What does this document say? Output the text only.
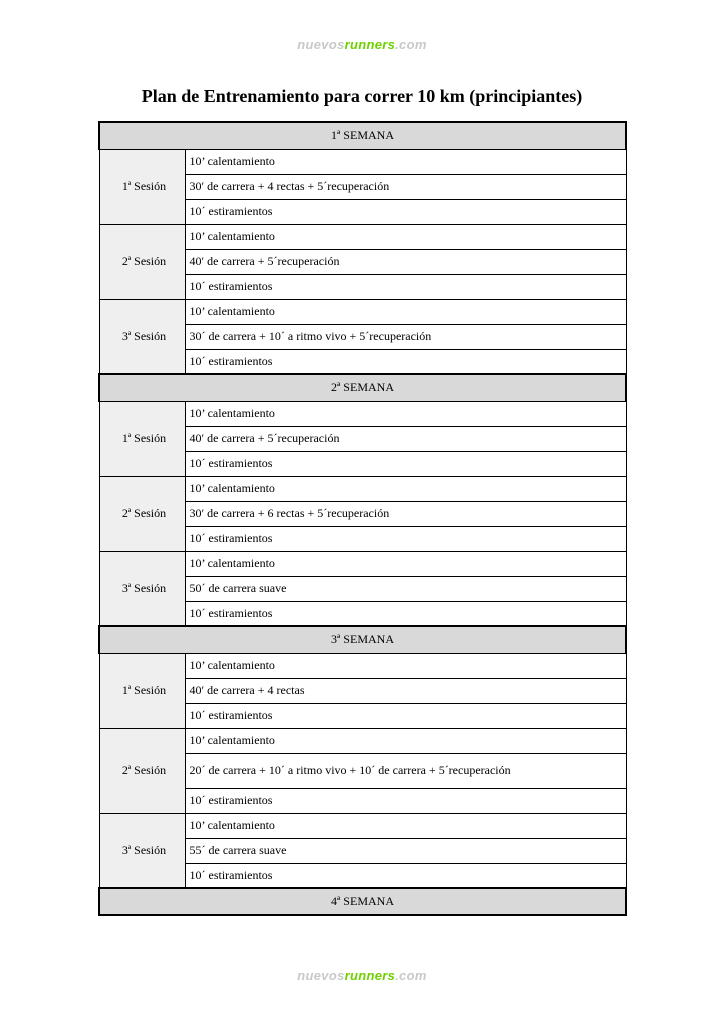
nuevosrunners.com
Plan de Entrenamiento para correr 10 km (principiantes)
1ª SEMANA	
1ª Sesión	10’ calentamiento
	30′ de carrera + 4 rectas + 5´recuperación
	10´ estiramientos
2ª Sesión	10’ calentamiento
	40′ de carrera + 5´recuperación
	10´ estiramientos
3ª Sesión	10’ calentamiento
	30´ de carrera + 10´ a ritmo vivo + 5´recuperación
	10´ estiramientos
2ª SEMANA	
1ª Sesión	10’ calentamiento
	40′ de carrera + 5´recuperación
	10´ estiramientos
2ª Sesión	10’ calentamiento
	30′ de carrera + 6 rectas + 5´recuperación
	10´ estiramientos
3ª Sesión	10’ calentamiento
	50´ de carrera suave
	10´ estiramientos
3ª SEMANA	
1ª Sesión	10’ calentamiento
	40′ de carrera + 4 rectas
	10´ estiramientos
2ª Sesión	10’ calentamiento
	20´ de carrera + 10´ a ritmo vivo + 10´ de carrera + 5´recuperación
	10´ estiramientos
3ª Sesión	10’ calentamiento
	55´ de carrera suave
	10´ estiramientos
4ª SEMANA	
nuevosrunners.com
